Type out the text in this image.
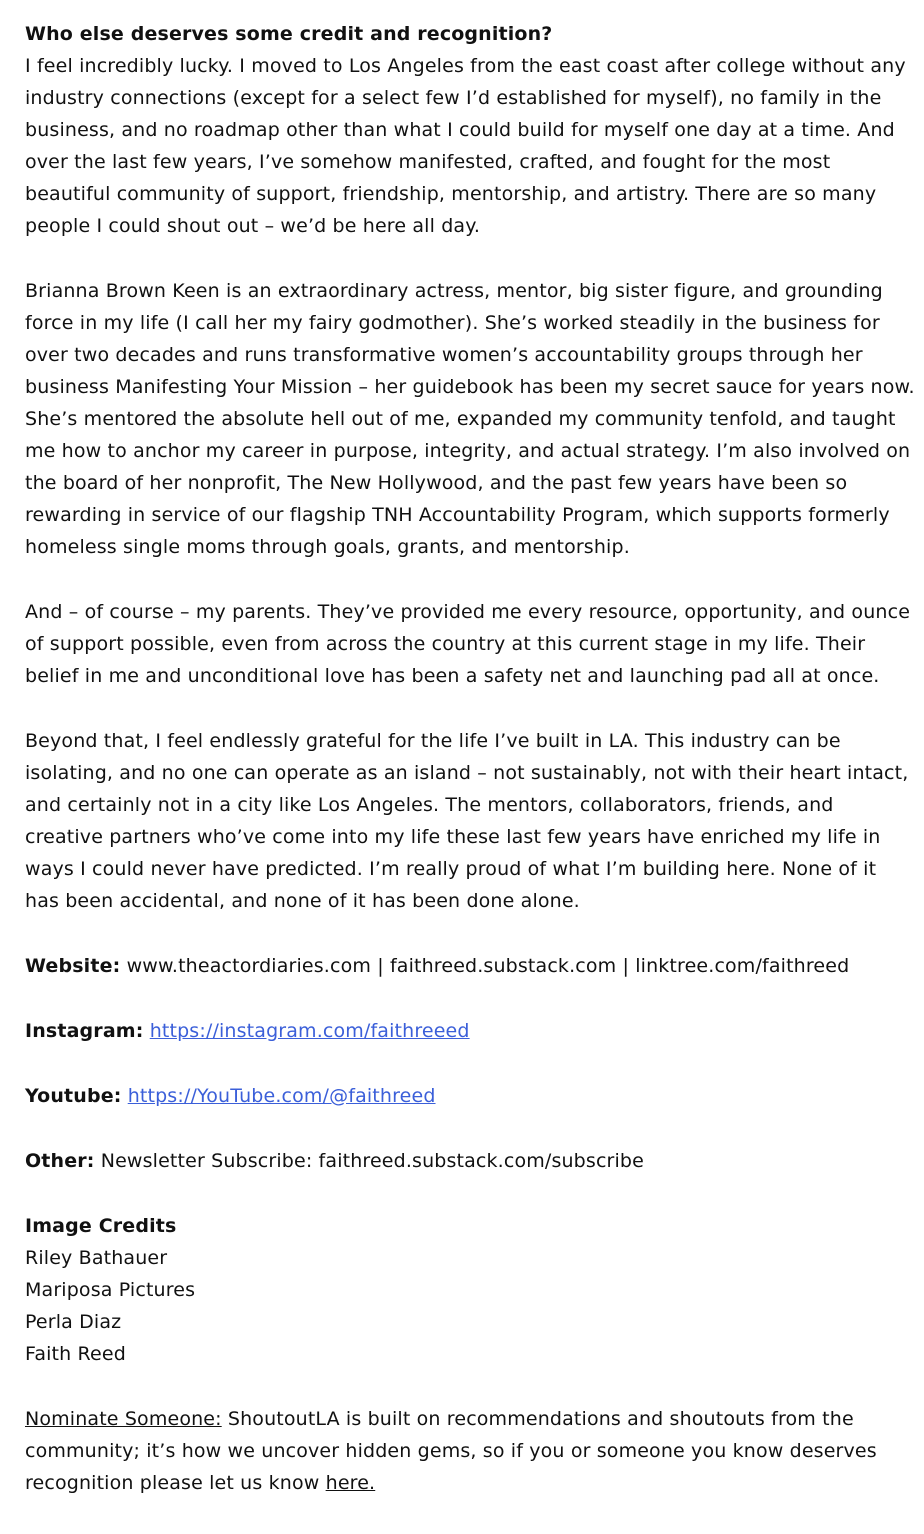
Who else deserves some credit and recognition?

I feel incredibly lucky. I moved to Los Angeles from the east coast after college without any industry connections (except for a select few I’d established for myself), no family in the business, and no roadmap other than what I could build for myself one day at a time. And over the last few years, I’ve somehow manifested, crafted, and fought for the most beautiful community of support, friendship, mentorship, and artistry. There are so many people I could shout out – we’d be here all day.

Brianna Brown Keen is an extraordinary actress, mentor, big sister figure, and grounding force in my life (I call her my fairy godmother). She’s worked steadily in the business for over two decades and runs transformative women’s accountability groups through her business Manifesting Your Mission – her guidebook has been my secret sauce for years now. She’s mentored the absolute hell out of me, expanded my community tenfold, and taught me how to anchor my career in purpose, integrity, and actual strategy. I’m also involved on the board of her nonprofit, The New Hollywood, and the past few years have been so rewarding in service of our flagship TNH Accountability Program, which supports formerly homeless single moms through goals, grants, and mentorship.

And – of course – my parents. They’ve provided me every resource, opportunity, and ounce of support possible, even from across the country at this current stage in my life. Their belief in me and unconditional love has been a safety net and launching pad all at once.

Beyond that, I feel endlessly grateful for the life I’ve built in LA. This industry can be isolating, and no one can operate as an island – not sustainably, not with their heart intact, and certainly not in a city like Los Angeles. The mentors, collaborators, friends, and creative partners who’ve come into my life these last few years have enriched my life in ways I could never have predicted. I’m really proud of what I’m building here. None of it has been accidental, and none of it has been done alone.

Website: www.theactordiaries.com | faithreed.substack.com | linktree.com/faithreed

Instagram: https://instagram.com/faithreeed

Youtube: https://YouTube.com/@faithreed

Other: Newsletter Subscribe: faithreed.substack.com/subscribe

Image Credits
Riley Bathauer
Mariposa Pictures
Perla Diaz
Faith Reed

Nominate Someone: ShoutoutLA is built on recommendations and shoutouts from the community; it’s how we uncover hidden gems, so if you or someone you know deserves recognition please let us know here.
